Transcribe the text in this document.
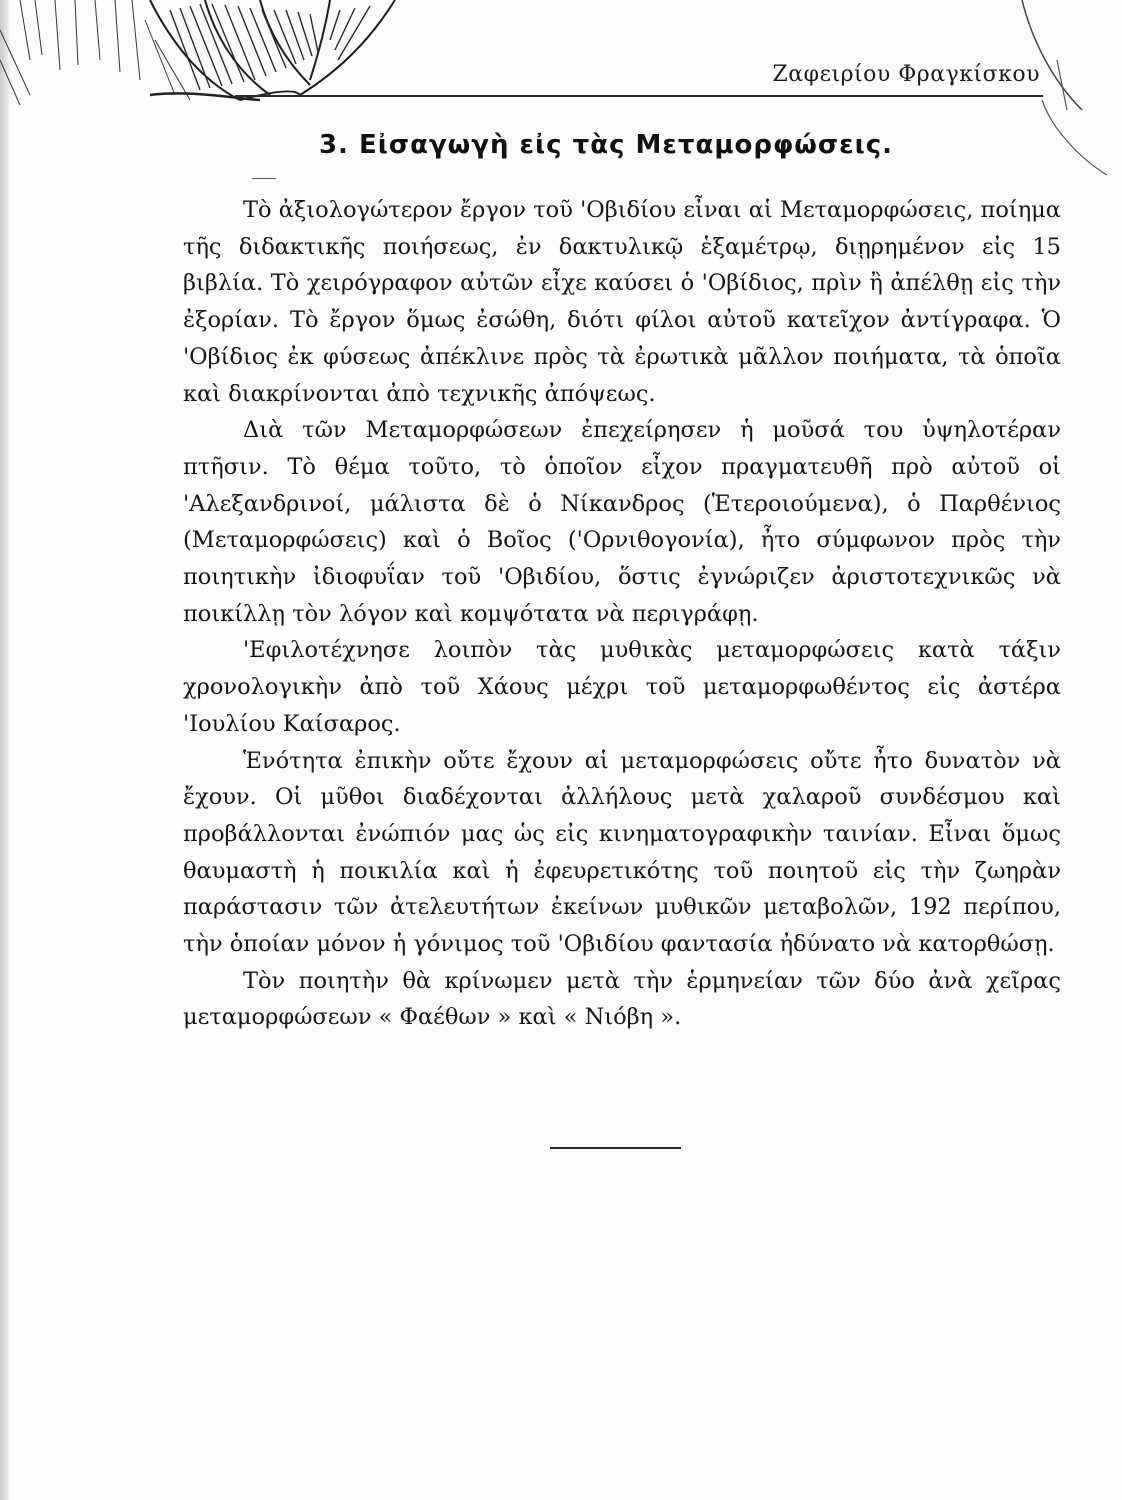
Ζαφειρίου Φραγκίσκου
3. Εἰσαγωγὴ εἰς τὰς Μεταμορφώσεις.

Τὸ ἀξιολογώτερον ἔργον τοῦ 'Οβιδίου εἶναι αἱ Μεταμορφώσεις, ποίημα τῆς διδακτικῆς ποιήσεως, ἐν δακτυλικῷ ἑξαμέτρῳ, διῃρημένον εἰς 15 βιβλία. Τὸ χειρόγραφον αὐτῶν εἶχε καύσει ὁ 'Οβίδιος, πρὶν ἢ ἀπέλθῃ εἰς τὴν ἐξορίαν. Τὸ ἔργον ὅμως ἐσώθη, διότι φίλοι αὐτοῦ κατεῖχον ἀντίγραφα. Ὁ 'Οβίδιος ἐκ φύσεως ἀπέκλινε πρὸς τὰ ἐρωτικὰ μᾶλλον ποιήματα, τὰ ὁποῖα καὶ διακρίνονται ἀπὸ τεχνικῆς ἀπόψεως.

Διὰ τῶν Μεταμορφώσεων ἐπεχείρησεν ἡ μοῦσά του ὑψηλοτέραν πτῆσιν. Τὸ θέμα τοῦτο, τὸ ὁποῖον εἶχον πραγματευθῆ πρὸ αὐτοῦ οἱ 'Αλεξανδρινοί, μάλιστα δὲ ὁ Νίκανδρος (Ἑτεροιούμενα), ὁ Παρθένιος (Μεταμορφώσεις) καὶ ὁ Βοῖος ('Ορνιθογονία), ἦτο σύμφωνον πρὸς τὴν ποιητικὴν ἰδιοφυΐαν τοῦ 'Οβιδίου, ὅστις ἐγνώριζεν ἀριστοτεχνικῶς νὰ ποικίλλῃ τὸν λόγον καὶ κομψότατα νὰ περιγράφῃ.

'Εφιλοτέχνησε λοιπὸν τὰς μυθικὰς μεταμορφώσεις κατὰ τάξιν χρονολογικὴν ἀπὸ τοῦ Χάους μέχρι τοῦ μεταμορφωθέντος εἰς ἀστέρα 'Ιουλίου Καίσαρος.

Ἑνότητα ἐπικὴν οὔτε ἔχουν αἱ μεταμορφώσεις οὔτε ἦτο δυνατὸν νὰ ἔχουν. Οἱ μῦθοι διαδέχονται ἀλλήλους μετὰ χαλαροῦ συνδέσμου καὶ προβάλλονται ἐνώπιόν μας ὡς εἰς κινηματογραφικὴν ταινίαν. Εἶναι ὅμως θαυμαστὴ ἡ ποικιλία καὶ ἡ ἐφευρετικότης τοῦ ποιητοῦ εἰς τὴν ζωηρὰν παράστασιν τῶν ἀτελευτήτων ἐκείνων μυθικῶν μεταβολῶν, 192 περίπου, τὴν ὁποίαν μόνον ἡ γόνιμος τοῦ 'Οβιδίου φαντασία ἠδύνατο νὰ κατορθώσῃ.

Τὸν ποιητὴν θὰ κρίνωμεν μετὰ τὴν ἑρμηνείαν τῶν δύο ἀνὰ χεῖρας μεταμορφώσεων « Φαέθων » καὶ « Νιόβη ».
